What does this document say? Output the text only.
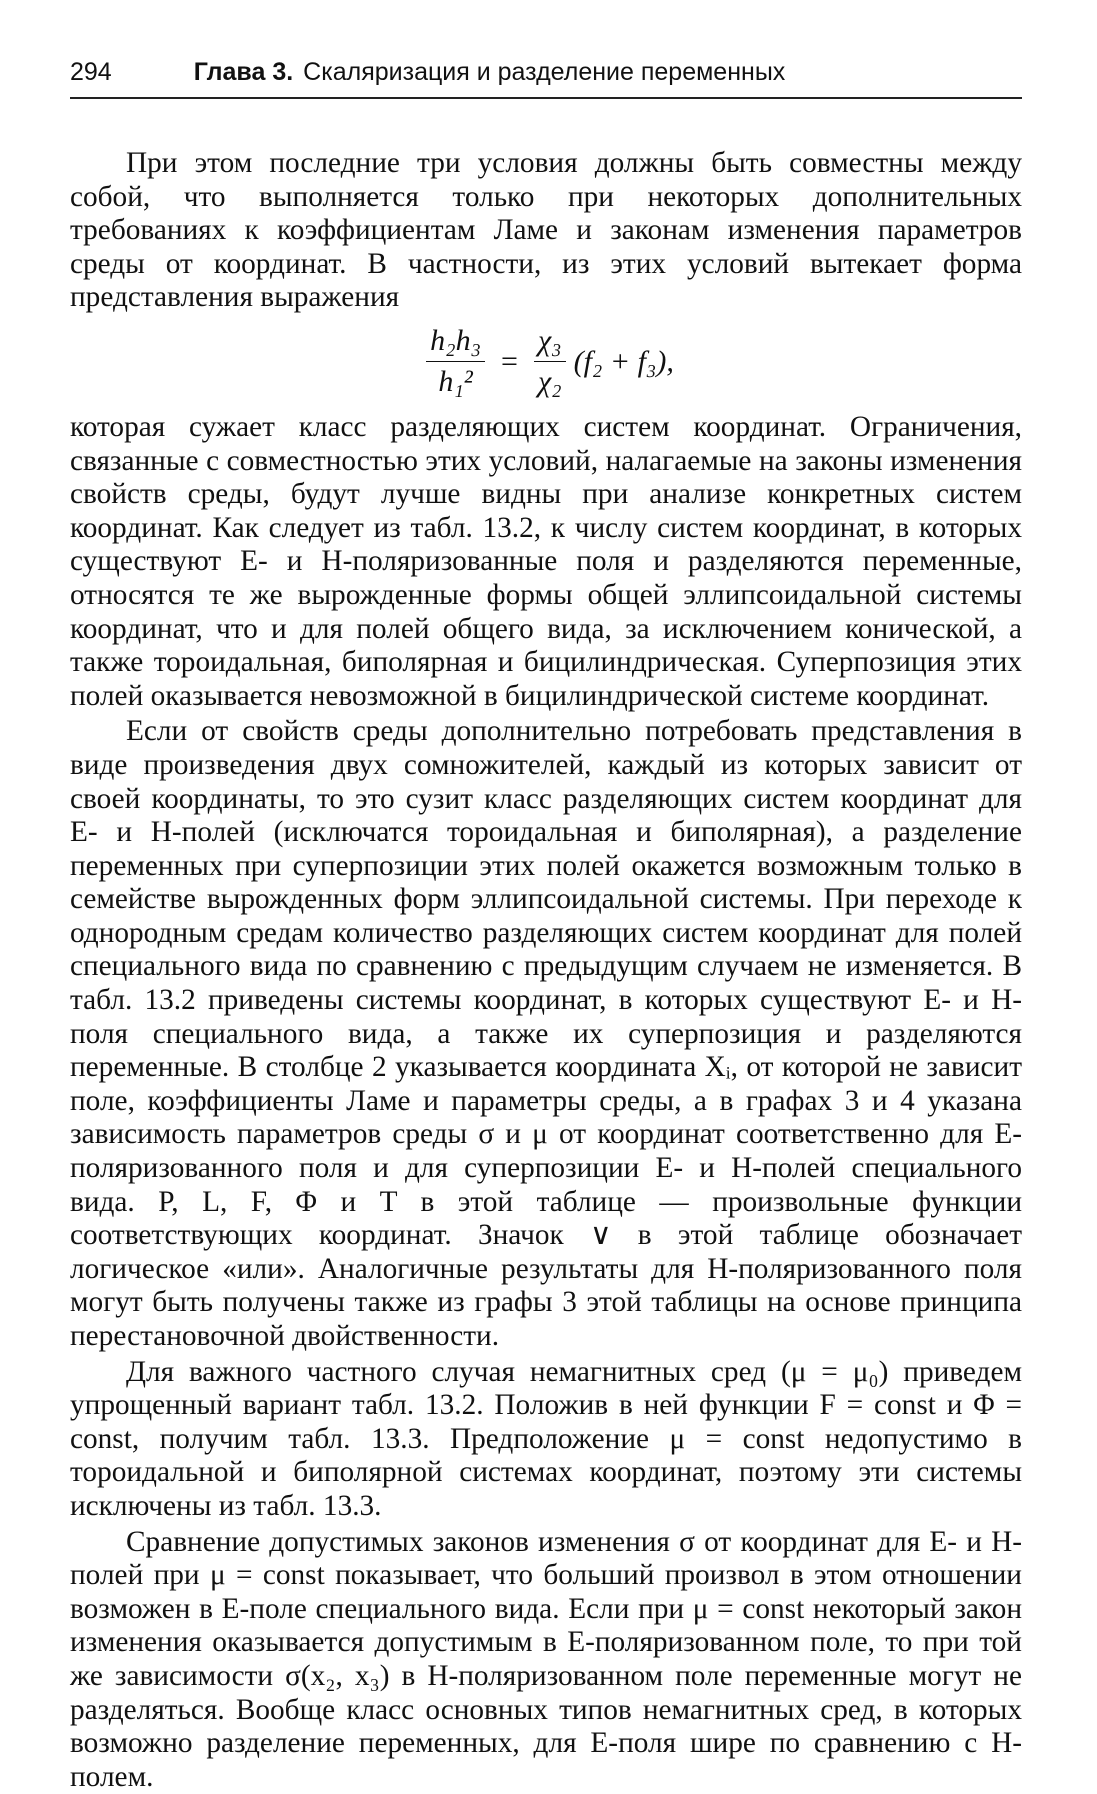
294	Глава 3. Скаляризация и разделение переменных

При этом последние три условия должны быть совместны между собой, что выполняется только при некоторых дополнительных требованиях к коэффициентам Ламе и законам изменения параметров среды от координат. В частности, из этих условий вытекает форма представления выражения

$\frac{\text{h₂h₃}}{\text{h₁²}} = \frac{\text{χ₃}}{\text{χ₂}} (f_2 + f_3)$,

которая сужает класс разделяющих систем координат. Ограничения, связанные с совместностью этих условий, налагаемые на законы изменения свойств среды, будут лучше видны при анализе конкретных систем координат. Как следует из табл. 13.2, к числу систем координат, в которых существуют E- и H-поляризованные поля и разделяются переменные, относятся те же вырожденные формы общей эллипсоидальной системы координат, что и для полей общего вида, за исключением конической, а также тороидальная, биполярная и бицилиндрическая. Суперпозиция этих полей оказывается невозможной в бицилиндрической системе координат.

Если от свойств среды дополнительно потребовать представления в виде произведения двух сомножителей, каждый из которых зависит от своей координаты, то это сузит класс разделяющих систем координат для E- и H-полей (исключатся тороидальная и биполярная), а разделение переменных при суперпозиции этих полей окажется возможным только в семействе вырожденных форм эллипсоидальной системы. При переходе к однородным средам количество разделяющих систем координат для полей специального вида по сравнению с предыдущим случаем не изменяется. В табл. 13.2 приведены системы координат, в которых существуют E- и H-поля специального вида, а также их суперпозиция и разделяются переменные. В столбце 2 указывается координата Xᵢ, от которой не зависит поле, коэффициенты Ламе и параметры среды, а в графах 3 и 4 указана зависимость параметров среды σ и μ от координат соответственно для E-поляризованного поля и для суперпозиции E- и H-полей специального вида. P, L, F, Φ и T в этой таблице — произвольные функции соответствующих координат. Значок ∨ в этой таблице обозначает логическое «или». Аналогичные результаты для H-поляризованного поля могут быть получены также из графы 3 этой таблицы на основе принципа перестановочной двойственности.

Для важного частного случая немагнитных сред (μ = μ₀) приведем упрощенный вариант табл. 13.2. Положив в ней функции F = const и Φ = const, получим табл. 13.3. Предположение μ = const недопустимо в тороидальной и биполярной системах координат, поэтому эти системы исключены из табл. 13.3.

Сравнение допустимых законов изменения σ от координат для E- и H-полей при μ = const показывает, что больший произвол в этом отношении возможен в E-поле специального вида. Если при μ = const некоторый закон изменения оказывается допустимым в E-поляризованном поле, то при той же зависимости σ(x₂, x₃) в H-поляризованном поле переменные могут не разделяться. Вообще класс основных типов немагнитных сред, в которых возможно разделение переменных, для E-поля шире по сравнению с H-полем.
